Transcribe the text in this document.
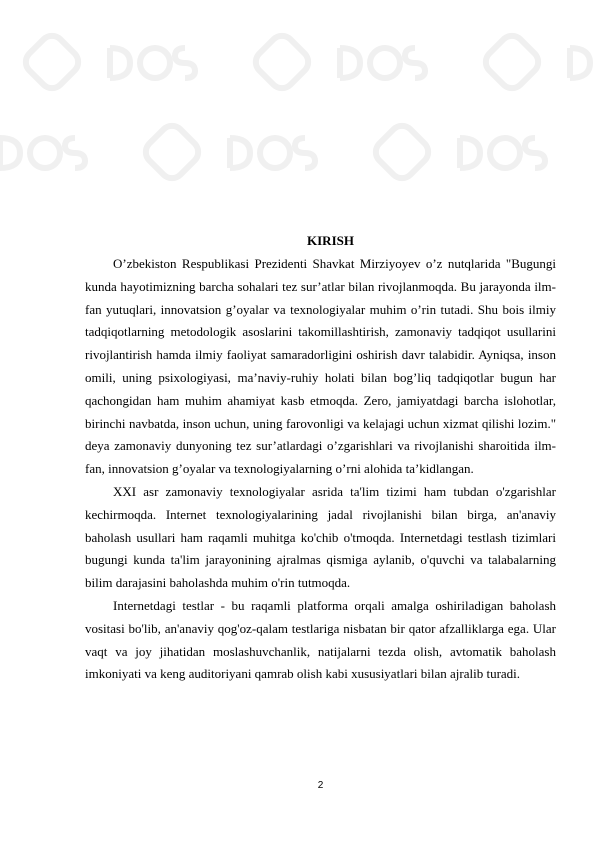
KIRISH

O’zbekiston Respublikasi Prezidenti Shavkat Mirziyoyev o’z nutqlarida "Bugungi kunda hayotimizning barcha sohalari tez sur’atlar bilan rivojlanmoqda. Bu jarayonda ilm-fan yutuqlari, innovatsion g’oyalar va texnologiyalar muhim o’rin tutadi. Shu bois ilmiy tadqiqotlarning metodologik asoslarini takomillashtirish, zamonaviy tadqiqot usullarini rivojlantirish hamda ilmiy faoliyat samaradorligini oshirish davr talabidir. Ayniqsa, inson omili, uning psixologiyasi, ma’naviy-ruhiy holati bilan bog’liq tadqiqotlar bugun har qachongidan ham muhim ahamiyat kasb etmoqda. Zero, jamiyatdagi barcha islohotlar, birinchi navbatda, inson uchun, uning farovonligi va kelajagi uchun xizmat qilishi lozim." deya zamonaviy dunyoning tez sur’atlardagi o’zgarishlari va rivojlanishi sharoitida ilm-fan, innovatsion g’oyalar va texnologiyalarning o’rni alohida ta’kidlangan.

XXI asr zamonaviy texnologiyalar asrida ta'lim tizimi ham tubdan o'zgarishlar kechirmoqda. Internet texnologiyalarining jadal rivojlanishi bilan birga, an'anaviy baholash usullari ham raqamli muhitga ko'chib o'tmoqda. Internetdagi testlash tizimlari bugungi kunda ta'lim jarayonining ajralmas qismiga aylanib, o'quvchi va talabalarning bilim darajasini baholashda muhim o'rin tutmoqda.

Internetdagi testlar - bu raqamli platforma orqali amalga oshiriladigan baholash vositasi bo'lib, an'anaviy qog'oz-qalam testlariga nisbatan bir qator afzalliklarga ega. Ular vaqt va joy jihatidan moslashuvchanlik, natijalarni tezda olish, avtomatik baholash imkoniyati va keng auditoriyani qamrab olish kabi xususiyatlari bilan ajralib turadi.

2
